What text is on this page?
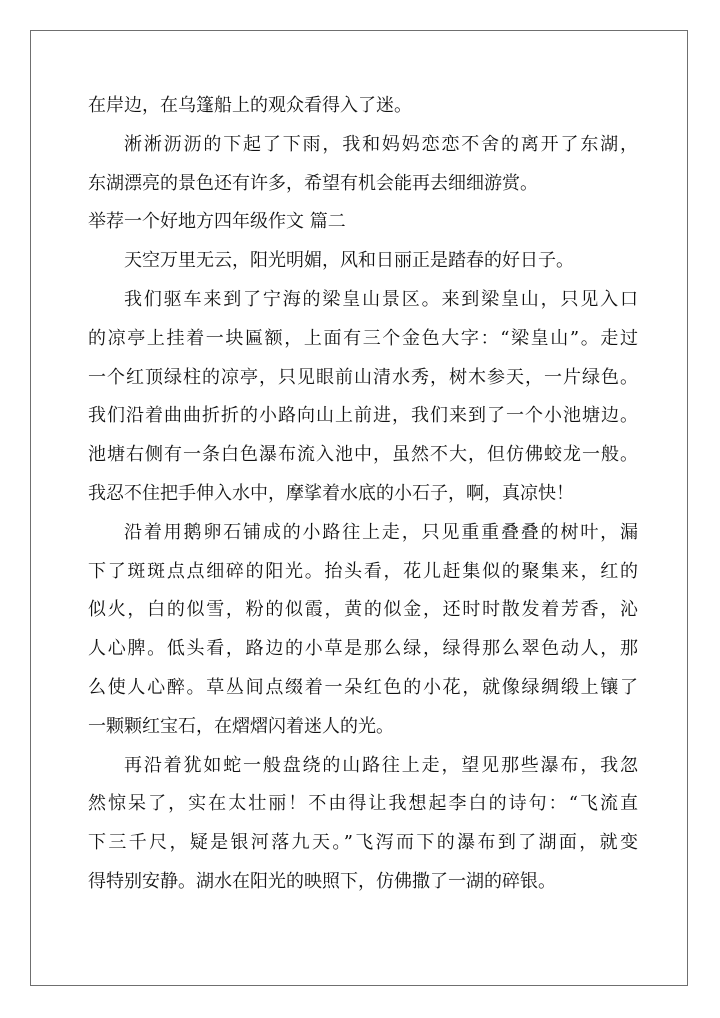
在岸边，在乌篷船上的观众看得入了迷。
淅淅沥沥的下起了下雨，我和妈妈恋恋不舍的离开了东湖，
东湖漂亮的景色还有许多，希望有机会能再去细细游赏。
举荐一个好地方四年级作文 篇二
天空万里无云，阳光明媚，风和日丽正是踏春的好日子。
我们驱车来到了宁海的梁皇山景区。来到梁皇山，只见入口
的凉亭上挂着一块匾额，上面有三个金色大字：“梁皇山”。走过
一个红顶绿柱的凉亭，只见眼前山清水秀，树木参天，一片绿色。
我们沿着曲曲折折的小路向山上前进，我们来到了一个小池塘边。
池塘右侧有一条白色瀑布流入池中，虽然不大，但仿佛蛟龙一般。
我忍不住把手伸入水中，摩挲着水底的小石子，啊，真凉快！
沿着用鹅卵石铺成的小路往上走，只见重重叠叠的树叶，漏
下了斑斑点点细碎的阳光。抬头看，花儿赶集似的聚集来，红的
似火，白的似雪，粉的似霞，黄的似金，还时时散发着芳香，沁
人心脾。低头看，路边的小草是那么绿，绿得那么翠色动人，那
么使人心醉。草丛间点缀着一朵红色的小花，就像绿绸缎上镶了
一颗颗红宝石，在熠熠闪着迷人的光。
再沿着犹如蛇一般盘绕的山路往上走，望见那些瀑布，我忽
然惊呆了，实在太壮丽！不由得让我想起李白的诗句：“飞流直
下三千尺，疑是银河落九天。”飞泻而下的瀑布到了湖面，就变
得特别安静。湖水在阳光的映照下，仿佛撒了一湖的碎银。
